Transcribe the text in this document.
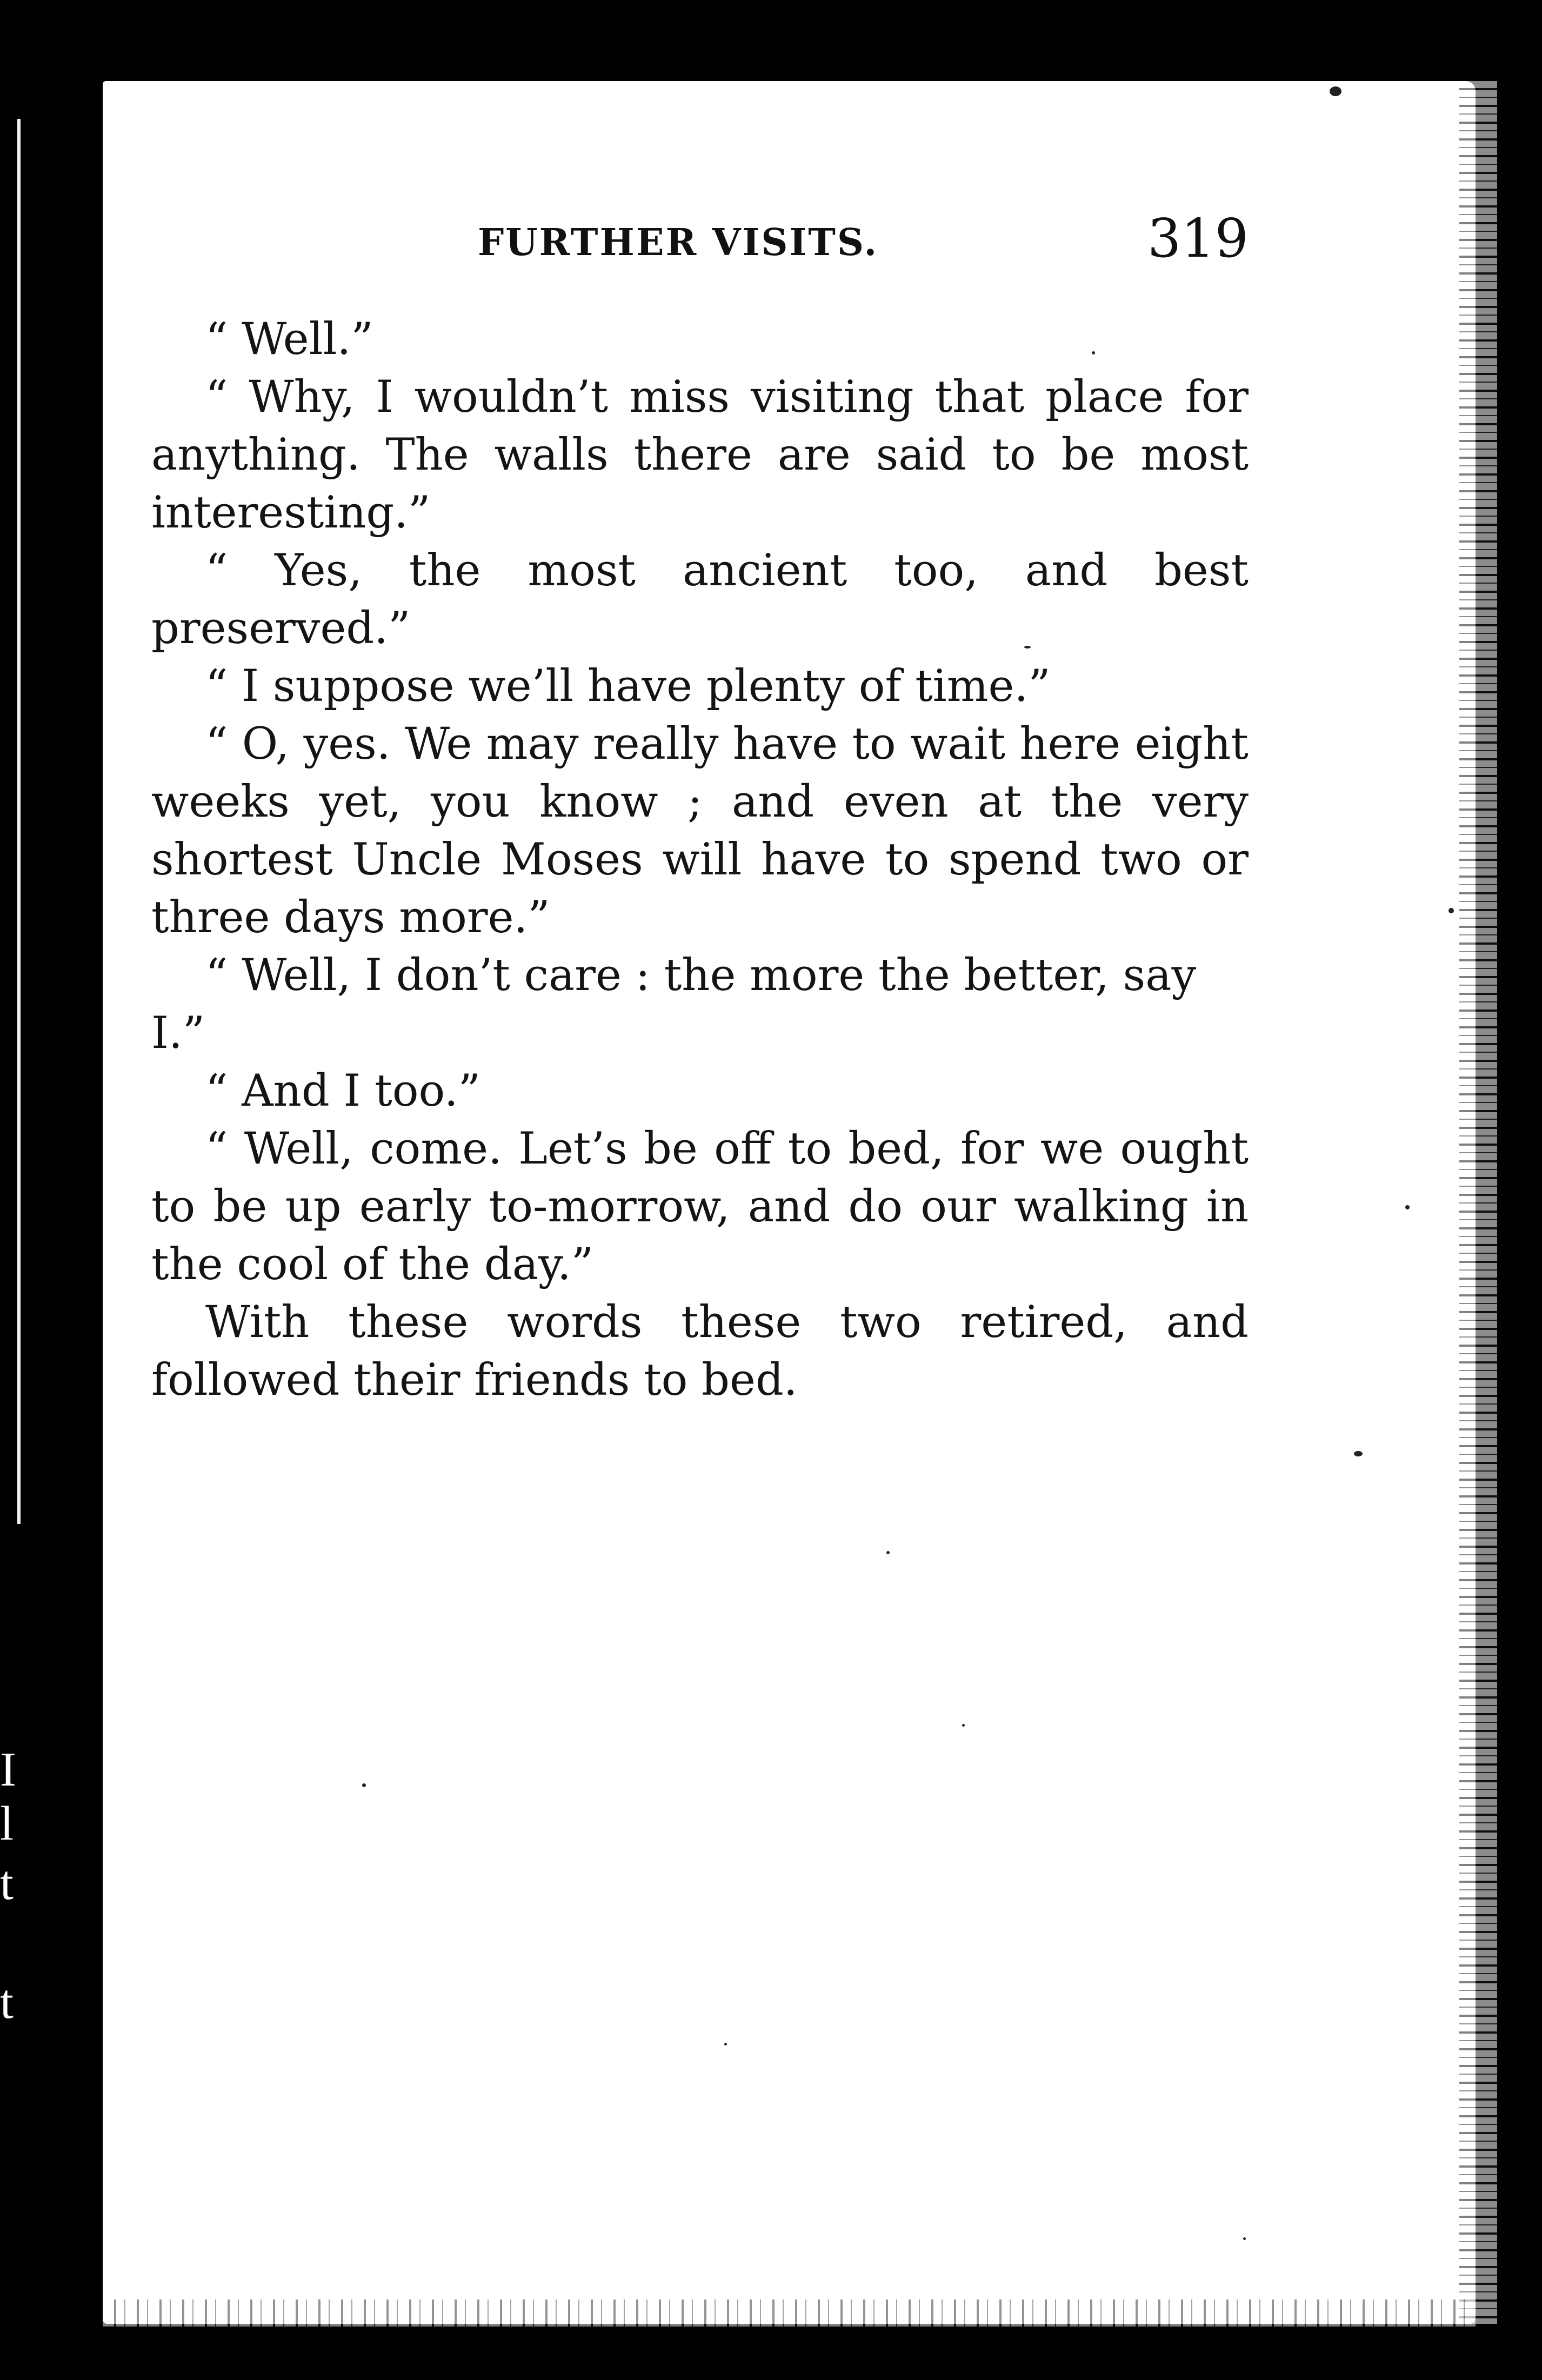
I
l
t
t
FURTHER VISITS.	319

“ Well.”

“ Why, I wouldn’t miss visiting that place for anything. The walls there are said to be most interesting.”

“ Yes, the most ancient too, and best preserved.”

“ I suppose we’ll have plenty of time.”

“ O, yes. We may really have to wait here eight weeks yet, you know ; and even at the very shortest Uncle Moses will have to spend two or three days more.”

“ Well, I don’t care : the more the better, say I.”

“ And I too.”

“ Well, come. Let’s be off to bed, for we ought to be up early to-morrow, and do our walking in the cool of the day.”

With these words these two retired, and followed their friends to bed.
